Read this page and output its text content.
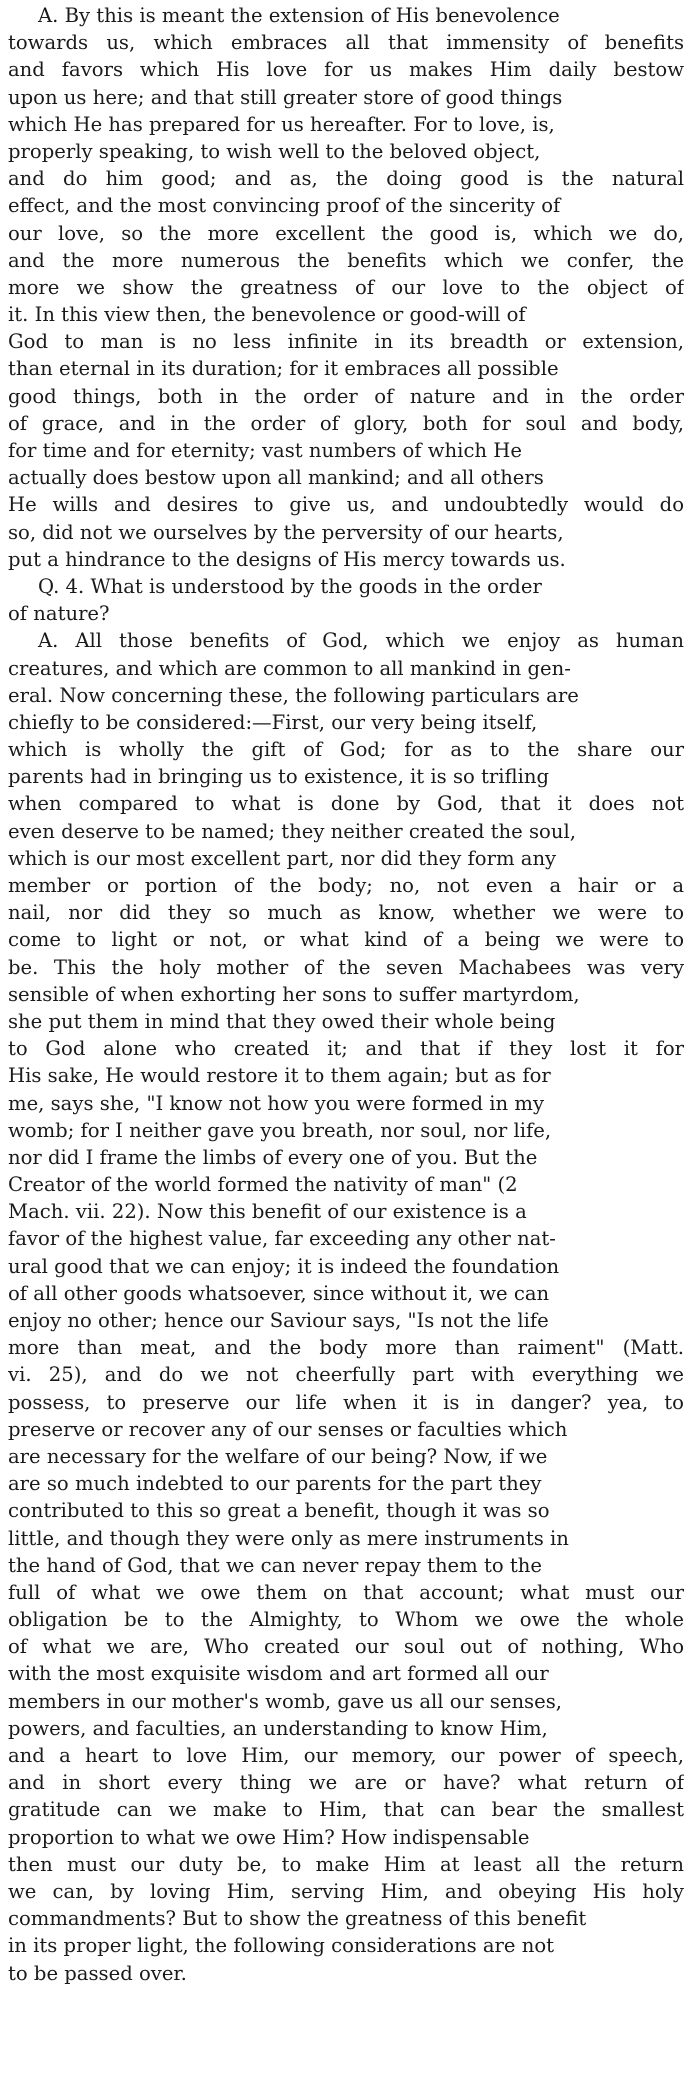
A. By this is meant the extension of His benevolence
towards us, which embraces all that immensity of benefits
and favors which His love for us makes Him daily bestow
upon us here; and that still greater store of good things
which He has prepared for us hereafter. For to love, is,
properly speaking, to wish well to the beloved object,
and do him good; and as, the doing good is the natural
effect, and the most convincing proof of the sincerity of
our love, so the more excellent the good is, which we do,
and the more numerous the benefits which we confer, the
more we show the greatness of our love to the object of
it. In this view then, the benevolence or good-will of
God to man is no less infinite in its breadth or extension,
than eternal in its duration; for it embraces all possible
good things, both in the order of nature and in the order
of grace, and in the order of glory, both for soul and body,
for time and for eternity; vast numbers of which He
actually does bestow upon all mankind; and all others
He wills and desires to give us, and undoubtedly would do
so, did not we ourselves by the perversity of our hearts,
put a hindrance to the designs of His mercy towards us.
Q. 4. What is understood by the goods in the order
of nature?
A. All those benefits of God, which we enjoy as human
creatures, and which are common to all mankind in gen-
eral. Now concerning these, the following particulars are
chiefly to be considered:—First, our very being itself,
which is wholly the gift of God; for as to the share our
parents had in bringing us to existence, it is so trifling
when compared to what is done by God, that it does not
even deserve to be named; they neither created the soul,
which is our most excellent part, nor did they form any
member or portion of the body; no, not even a hair or a
nail, nor did they so much as know, whether we were to
come to light or not, or what kind of a being we were to
be. This the holy mother of the seven Machabees was very
sensible of when exhorting her sons to suffer martyrdom,
she put them in mind that they owed their whole being
to God alone who created it; and that if they lost it for
His sake, He would restore it to them again; but as for
me, says she, "I know not how you were formed in my
womb; for I neither gave you breath, nor soul, nor life,
nor did I frame the limbs of every one of you. But the
Creator of the world formed the nativity of man" (2
Mach. vii. 22). Now this benefit of our existence is a
favor of the highest value, far exceeding any other nat-
ural good that we can enjoy; it is indeed the foundation
of all other goods whatsoever, since without it, we can
enjoy no other; hence our Saviour says, "Is not the life
more than meat, and the body more than raiment" (Matt.
vi. 25), and do we not cheerfully part with everything we
possess, to preserve our life when it is in danger? yea, to
preserve or recover any of our senses or faculties which
are necessary for the welfare of our being? Now, if we
are so much indebted to our parents for the part they
contributed to this so great a benefit, though it was so
little, and though they were only as mere instruments in
the hand of God, that we can never repay them to the
full of what we owe them on that account; what must our
obligation be to the Almighty, to Whom we owe the whole
of what we are, Who created our soul out of nothing, Who
with the most exquisite wisdom and art formed all our
members in our mother's womb, gave us all our senses,
powers, and faculties, an understanding to know Him,
and a heart to love Him, our memory, our power of speech,
and in short every thing we are or have? what return of
gratitude can we make to Him, that can bear the smallest
proportion to what we owe Him? How indispensable
then must our duty be, to make Him at least all the return
we can, by loving Him, serving Him, and obeying His holy
commandments? But to show the greatness of this benefit
in its proper light, the following considerations are not
to be passed over.
